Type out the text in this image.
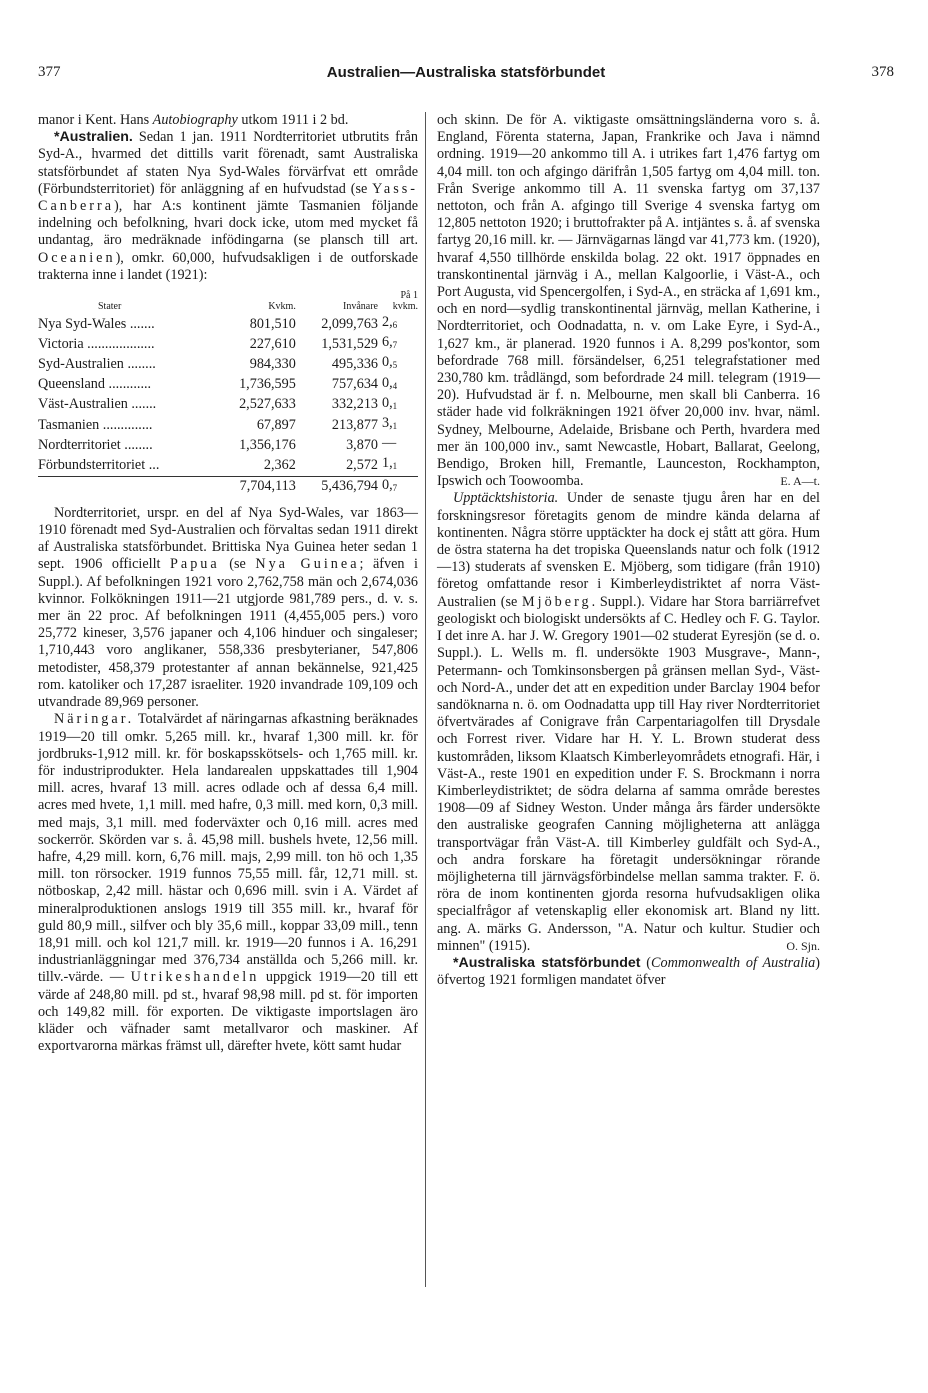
377	Australien—Australiska statsförbundet	378

manor i Kent. Hans Autobiography utkom 1911 i 2 bd.

*Australien. Sedan 1 jan. 1911 Nordterritoriet utbrutits från Syd-A., hvarmed det dittills varit förenadt, samt Australiska statsförbundet af staten Nya Syd-Wales förvärfvat ett område (Förbundsterritoriet) för anläggning af en hufvudstad (se Yass-Canberra), har A:s kontinent jämte Tasmanien följande indelning och befolkning, hvari dock icke, utom med mycket få undantag, äro medräknade infödingarna (se plansch till art. Oceanien), omkr. 60,000, hufvudsakligen i de outforskade trakterna inne i landet (1921):

Stater	Kvkm.	Invånare	På 1 kvkm.
Nya Syd-Wales .......	801,510	2,099,763	$2,_6$
Victoria ...................	227,610	1,531,529	$6,_7$
Syd-Australien ........	984,330	495,336	$0,_5$
Queensland ............	1,736,595	757,634	$0,_4$
Väst-Australien .......	2,527,633	332,213	$0,_1$
Tasmanien ..............	67,897	213,877	$3,_1$
Nordterritoriet ........	1,356,176	3,870	—
Förbundsterritoriet ...	2,362	2,572	$1,_1$
	7,704,113	5,436,794	$0,_7$

Nordterritoriet, urspr. en del af Nya Syd-Wales, var 1863—1910 förenadt med Syd-Australien och förvaltas sedan 1911 direkt af Australiska statsförbundet. Brittiska Nya Guinea heter sedan 1 sept. 1906 officiellt Papua (se Nya Guinea; äfven i Suppl.). Af befolkningen 1921 voro 2,762,758 män och 2,674,036 kvinnor. Folkökningen 1911—21 utgjorde 981,789 pers., d. v. s. mer än 22 proc. Af befolkningen 1911 (4,455,005 pers.) voro 25,772 kineser, 3,576 japaner och 4,106 hinduer och singaleser; 1,710,443 voro anglikaner, 558,336 presbyterianer, 547,806 metodister, 458,379 protestanter af annan bekännelse, 921,425 rom. katoliker och 17,287 israeliter. 1920 invandrade 109,109 och utvandrade 89,969 personer.

Näringar. Totalvärdet af näringarnas afkastning beräknades 1919—20 till omkr. 5,265 mill. kr., hvaraf 1,300 mill. kr. för jordbruks-1,912 mill. kr. för boskapsskötsels- och 1,765 mill. kr. för industriprodukter. Hela landarealen uppskattades till 1,904 mill. acres, hvaraf 13 mill. acres odlade och af dessa 6,4 mill. acres med hvete, 1,1 mill. med hafre, 0,3 mill. med korn, 0,3 mill. med majs, 3,1 mill. med foderväxter och 0,16 mill. acres med sockerrör. Skörden var s. å. 45,98 mill. bushels hvete, 12,56 mill. hafre, 4,29 mill. korn, 6,76 mill. majs, 2,99 mill. ton hö och 1,35 mill. ton rörsocker. 1919 funnos 75,55 mill. får, 12,71 mill. st. nötboskap, 2,42 mill. hästar och 0,696 mill. svin i A. Värdet af mineralproduktionen anslogs 1919 till 355 mill. kr., hvaraf för guld 80,9 mill., silfver och bly 35,6 mill., koppar 33,09 mill., tenn 18,91 mill. och kol 121,7 mill. kr. 1919—20 funnos i A. 16,291 industrianläggningar med 376,734 anställda och 5,266 mill. kr. tillv.-värde. — Utrikeshandeln uppgick 1919—20 till ett värde af 248,80 mill. pd st., hvaraf 98,98 mill. pd st. för importen och 149,82 mill. för exporten. De viktigaste importslagen äro kläder och väfnader samt metallvaror och maskiner. Af exportvarorna märkas främst ull, därefter hvete, kött samt hudar

och skinn. De för A. viktigaste omsättningsländerna voro s. å. England, Förenta staterna, Japan, Frankrike och Java i nämnd ordning. 1919—20 ankommo till A. i utrikes fart 1,476 fartyg om 4,04 mill. ton och afgingo därifrån 1,505 fartyg om 4,04 mill. ton. Från Sverige ankommo till A. 11 svenska fartyg om 37,137 nettoton, och från A. afgingo till Sverige 4 svenska fartyg om 12,805 nettoton 1920; i bruttofrakter på A. intjäntes s. å. af svenska fartyg 20,16 mill. kr. — Järnvägarnas längd var 41,773 km. (1920), hvaraf 4,550 tillhörde enskilda bolag. 22 okt. 1917 öppnades en transkontinental järnväg i A., mellan Kalgoorlie, i Väst-A., och Port Augusta, vid Spencergolfen, i Syd-A., en sträcka af 1,691 km., och en nord—sydlig transkontinental järnväg, mellan Katherine, i Nordterritoriet, och Oodnadatta, n. v. om Lake Eyre, i Syd-A., 1,627 km., är planerad. 1920 funnos i A. 8,299 pos'kontor, som befordrade 768 mill. försändelser, 6,251 telegrafstationer med 230,780 km. trådlängd, som befordrade 24 mill. telegram (1919—20). Hufvudstad är f. n. Melbourne, men skall bli Canberra. 16 städer hade vid folkräkningen 1921 öfver 20,000 inv. hvar, näml. Sydney, Melbourne, Adelaide, Brisbane och Perth, hvardera med mer än 100,000 inv., samt Newcastle, Hobart, Ballarat, Geelong, Bendigo, Broken hill, Fremantle, Launceston, Rockhampton, Ipswich och Toowoomba.	E. A—t.

Upptäcktshistoria. Under de senaste tjugu åren har en del forskningsresor företagits genom de mindre kända delarna af kontinenten. Några större upptäckter ha dock ej stått att göra. Hum de östra staterna ha det tropiska Queenslands natur och folk (1912—13) studerats af svensken E. Mjöberg, som tidigare (från 1910) företog omfattande resor i Kimberleydistriktet af norra Väst-Australien (se Mjöberg. Suppl.). Vidare har Stora barriärrefvet geologiskt och biologiskt undersökts af C. Hedley och F. G. Taylor. I det inre A. har J. W. Gregory 1901—02 studerat Eyresjön (se d. o. Suppl.). L. Wells m. fl. undersökte 1903 Musgrave-, Mann-, Petermann- och Tomkinsonsbergen på gränsen mellan Syd-, Väst- och Nord-A., under det att en expedition under Barclay 1904 befor sandöknarna n. ö. om Oodnadatta upp till Hay river Nordterritoriet öfvertvärades af Conigrave från Carpentariagolfen till Drysdale och Forrest river. Vidare har H. Y. L. Brown studerat dess kustområden, liksom Klaatsch Kimberleyområdets etnografi. Här, i Väst-A., reste 1901 en expedition under F. S. Brockmann i norra Kimberleydistriktet; de södra delarna af samma område berestes 1908—09 af Sidney Weston. Under många års färder undersökte den australiske geografen Canning möjligheterna att anlägga transportvägar från Väst-A. till Kimberley guldfält och Syd-A., och andra forskare ha företagit undersökningar rörande möjligheterna till järnvägsförbindelse mellan samma trakter. F. ö. röra de inom kontinenten gjorda resorna hufvudsakligen olika specialfrågor af vetenskaplig eller ekonomisk art. Bland ny litt. ang. A. märks G. Andersson, "A. Natur och kultur. Studier och minnen" (1915).	O. Sjn.

*Australiska statsförbundet (Commonwealth of Australia) öfvertog 1921 formligen mandatet öfver
